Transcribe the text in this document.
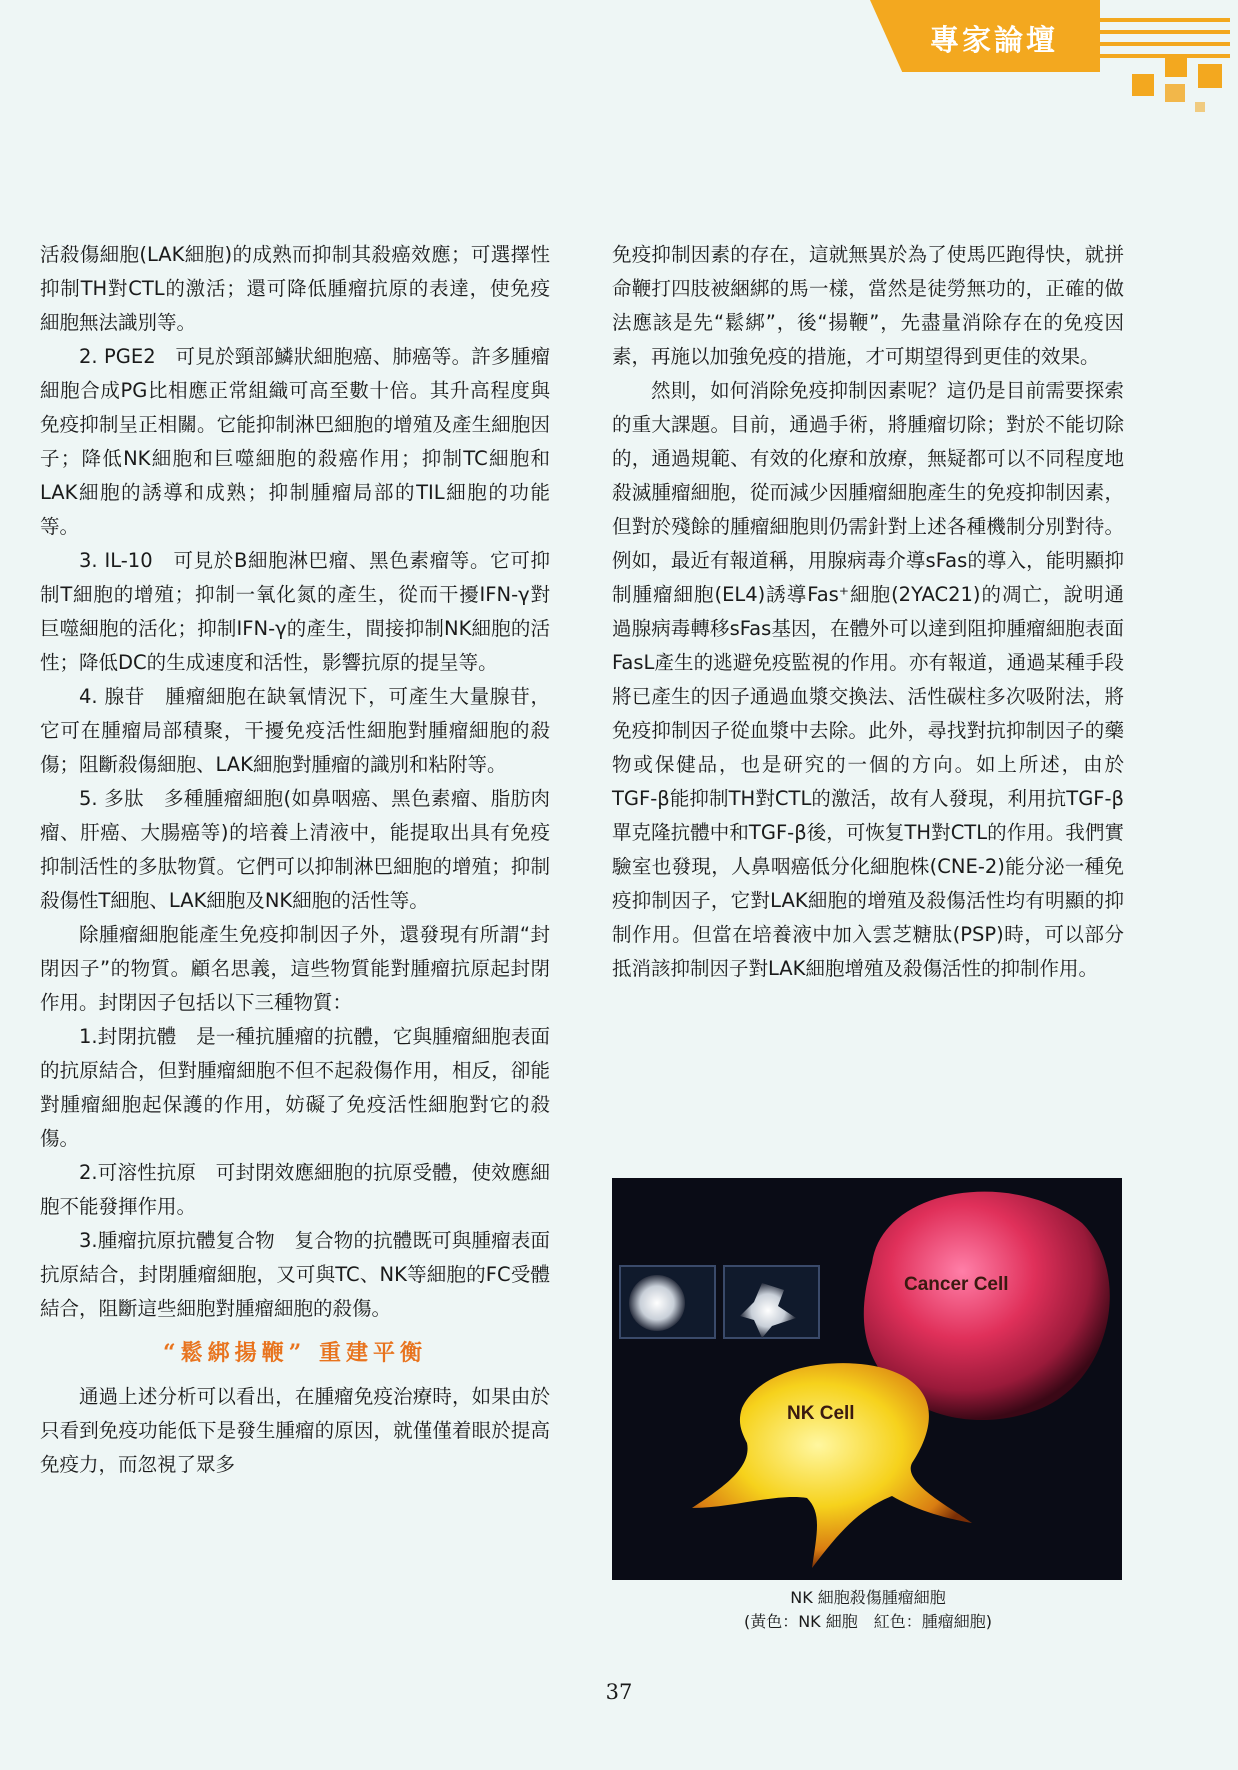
專家論壇

活殺傷細胞(LAK細胞)的成熟而抑制其殺癌效應；可選擇性抑制TH對CTL的激活；還可降低腫瘤抗原的表達，使免疫細胞無法識別等。

2. PGE2　可見於頸部鱗狀細胞癌、肺癌等。許多腫瘤細胞合成PG比相應正常組織可高至數十倍。其升高程度與免疫抑制呈正相關。它能抑制淋巴細胞的增殖及產生細胞因子；降低NK細胞和巨噬細胞的殺癌作用；抑制TC細胞和LAK細胞的誘導和成熟；抑制腫瘤局部的TIL細胞的功能等。

3. IL-10　可見於B細胞淋巴瘤、黑色素瘤等。它可抑制T細胞的增殖；抑制一氧化氮的產生，從而干擾IFN-γ對巨噬細胞的活化；抑制IFN-γ的產生，間接抑制NK細胞的活性；降低DC的生成速度和活性，影響抗原的提呈等。

4. 腺苷　腫瘤細胞在缺氧情況下，可產生大量腺苷，它可在腫瘤局部積聚，干擾免疫活性細胞對腫瘤細胞的殺傷；阻斷殺傷細胞、LAK細胞對腫瘤的識別和粘附等。

5. 多肽　多種腫瘤細胞(如鼻咽癌、黑色素瘤、脂肪肉瘤、肝癌、大腸癌等)的培養上清液中，能提取出具有免疫抑制活性的多肽物質。它們可以抑制淋巴細胞的增殖；抑制殺傷性T細胞、LAK細胞及NK細胞的活性等。

除腫瘤細胞能產生免疫抑制因子外，還發現有所謂“封閉因子”的物質。顧名思義，這些物質能對腫瘤抗原起封閉作用。封閉因子包括以下三種物質：

1.封閉抗體　是一種抗腫瘤的抗體，它與腫瘤細胞表面的抗原結合，但對腫瘤細胞不但不起殺傷作用，相反，卻能對腫瘤細胞起保護的作用，妨礙了免疫活性細胞對它的殺傷。

2.可溶性抗原　可封閉效應細胞的抗原受體，使效應細胞不能發揮作用。

3.腫瘤抗原抗體复合物　复合物的抗體既可與腫瘤表面抗原結合，封閉腫瘤細胞，又可與TC、NK等細胞的FC受體結合，阻斷這些細胞對腫瘤細胞的殺傷。

“鬆綁揚鞭” 重建平衡

通過上述分析可以看出，在腫瘤免疫治療時，如果由於只看到免疫功能低下是發生腫瘤的原因，就僅僅着眼於提高免疫力，而忽視了眾多

免疫抑制因素的存在，這就無異於為了使馬匹跑得快，就拼命鞭打四肢被綑綁的馬一樣，當然是徒勞無功的，正確的做法應該是先“鬆綁”，後“揚鞭”，先盡量消除存在的免疫因素，再施以加強免疫的措施，才可期望得到更佳的效果。

然則，如何消除免疫抑制因素呢？這仍是目前需要探索的重大課題。目前，通過手術，將腫瘤切除；對於不能切除的，通過規範、有效的化療和放療，無疑都可以不同程度地殺滅腫瘤細胞，從而減少因腫瘤細胞產生的免疫抑制因素，但對於殘餘的腫瘤細胞則仍需針對上述各種機制分別對待。例如，最近有報道稱，用腺病毒介導sFas的導入，能明顯抑制腫瘤細胞(EL4)誘導Fas⁺細胞(2YAC21)的凋亡，說明通過腺病毒轉移sFas基因，在體外可以達到阻抑腫瘤細胞表面FasL產生的逃避免疫監視的作用。亦有報道，通過某種手段將已產生的因子通過血漿交換法、活性碳柱多次吸附法，將免疫抑制因子從血漿中去除。此外，尋找對抗抑制因子的藥物或保健品，也是研究的一個的方向。如上所述，由於TGF-β能抑制TH對CTL的激活，故有人發現，利用抗TGF-β單克隆抗體中和TGF-β後，可恢复TH對CTL的作用。我們實驗室也發現，人鼻咽癌低分化細胞株(CNE-2)能分泌一種免疫抑制因子，它對LAK細胞的增殖及殺傷活性均有明顯的抑制作用。但當在培養液中加入雲芝糖肽(PSP)時，可以部分抵消該抑制因子對LAK細胞增殖及殺傷活性的抑制作用。

Cancer Cell
NK Cell
NK 細胞殺傷腫瘤細胞
(黃色：NK 細胞　紅色：腫瘤細胞)
37
